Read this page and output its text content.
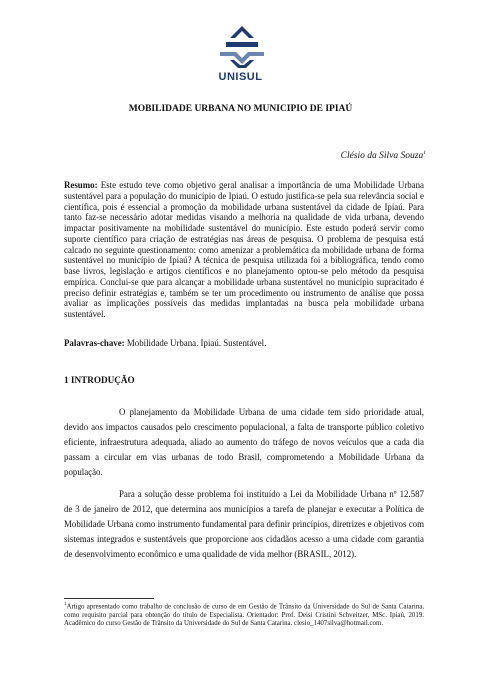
UNISUL
MOBILIDADE URBANA NO MUNICIPIO DE IPIAÚ
Clésio da Silva Souza$^1$

Resumo: Este estudo teve como objetivo geral analisar a importância de uma Mobilidade Urbana sustentável para a população do município de Ipiaú. O estudo justifica-se pela sua relevância social e científica, pois é essencial a promoção da mobilidade urbana sustentável da cidade de Ipiaú. Para tanto faz-se necessário adotar medidas visando a melhoria na qualidade de vida urbana, devendo impactar positivamente na mobilidade sustentável do município. Este estudo poderá servir como suporte científico para criação de estratégias nas áreas de pesquisa. O problema de pesquisa está calcado no seguinte questionamento: como amenizar a problemática da mobilidade urbana de forma sustentável no município de Ipiaú? A técnica de pesquisa utilizada foi a bibliográfica, tendo como base livros, legislação e artigos científicos e no planejamento optou-se pelo método da pesquisa empírica. Conclui-se que para alcançar a mobilidade urbana sustentável no município supracitado é preciso definir estratégias e, também se ter um procedimento ou instrumento de análise que possa avaliar as implicações possíveis das medidas implantadas na busca pela mobilidade urbana sustentável.

Palavras-chave: Mobilidade Urbana. Ipiaú. Sustentável.

1 INTRODUÇÃO

O planejamento da Mobilidade Urbana de uma cidade tem sido prioridade atual, devido aos impactos causados pelo crescimento populacional, a falta de transporte público coletivo eficiente, infraestrutura adequada, aliado ao aumento do tráfego de novos veículos que a cada dia passam a circular em vias urbanas de todo Brasil, comprometendo a Mobilidade Urbana da população.

Para a solução desse problema foi instituído a Lei da Mobilidade Urbana nº 12.587 de 3 de janeiro de 2012, que determina aos municípios a tarefa de planejar e executar a Política de Mobilidade Urbana como instrumento fundamental para definir princípios, diretrizes e objetivos com sistemas integrados e sustentáveis que proporcione aos cidadãos acesso a uma cidade com garantia de desenvolvimento econômico e uma qualidade de vida melhor (BRASIL, 2012).

$^1$Artigo apresentado como trabalho de conclusão de curso de em Gestão de Trânsito da Universidade do Sul de Santa Catarina, como requisito parcial para obtenção do título de Especialista. Orientador: Prof. Deisi Cristini Schveitzer, MSc. Ipiaú, 2019. Acadêmico do curso Gestão de Trânsito da Universidade do Sul de Santa Catarina. clesio_1407silva@hotmail.com.
